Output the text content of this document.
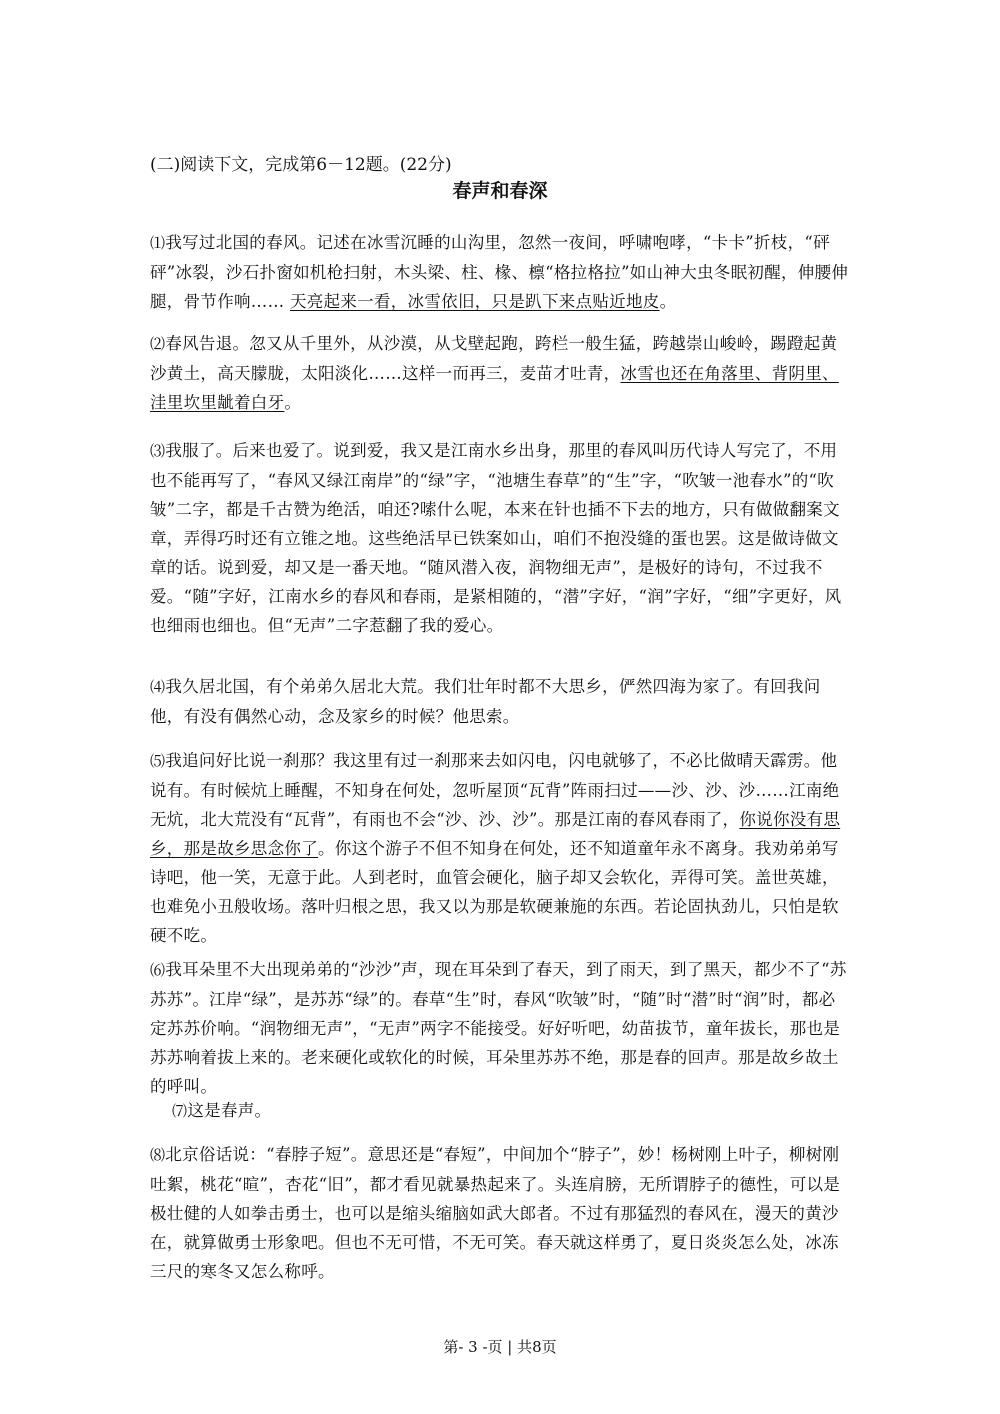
(二)阅读下文，完成第6－12题。(22分)
春声和春深

⑴我写过北国的春风。记述在冰雪沉睡的山沟里，忽然一夜间，呼啸咆哮，“卡卡”折枝，“砰砰”冰裂，沙石扑窗如机枪扫射，木头梁、柱、椽、檩“格拉格拉”如山神大虫冬眠初醒，伸腰伸腿，骨节作响…… 天亮起来一看，冰雪依旧，只是趴下来点贴近地皮。

⑵春风告退。忽又从千里外，从沙漠，从戈壁起跑，跨栏一般生猛，跨越崇山峻岭，踢蹬起黄沙黄土，高天朦胧，太阳淡化……这样一而再三，麦苗才吐青，冰雪也还在角落里、背阴里、洼里坎里龇着白牙。

⑶我服了。后来也爱了。说到爱，我又是江南水乡出身，那里的春风叫历代诗人写完了，不用也不能再写了，“春风又绿江南岸”的“绿”字，“池塘生春草”的“生”字，“吹皱一池春水”的“吹皱”二字，都是千古赞为绝活，咱还?嗦什么呢，本来在针也插不下去的地方，只有做做翻案文章，弄得巧时还有立锥之地。这些绝活早已铁案如山，咱们不抱没缝的蛋也罢。这是做诗做文章的话。说到爱，却又是一番天地。“随风潜入夜，润物细无声”，是极好的诗句，不过我不爱。“随”字好，江南水乡的春风和春雨，是紧相随的，“潜”字好，“润”字好，“细”字更好，风也细雨也细也。但“无声”二字惹翻了我的爱心。

⑷我久居北国，有个弟弟久居北大荒。我们壮年时都不大思乡，俨然四海为家了。有回我问他，有没有偶然心动，念及家乡的时候？他思索。

⑸我追问好比说一刹那？我这里有过一刹那来去如闪电，闪电就够了，不必比做晴天霹雳。他说有。有时候炕上睡醒，不知身在何处，忽听屋顶“瓦背”阵雨扫过——沙、沙、沙……江南绝无炕，北大荒没有“瓦背”，有雨也不会“沙、沙、沙”。那是江南的春风春雨了，你说你没有思乡，那是故乡思念你了。你这个游子不但不知身在何处，还不知道童年永不离身。我劝弟弟写诗吧，他一笑，无意于此。人到老时，血管会硬化，脑子却又会软化，弄得可笑。盖世英雄，也难免小丑般收场。落叶归根之思，我又以为那是软硬兼施的东西。若论固执劲儿，只怕是软硬不吃。

⑹我耳朵里不大出现弟弟的“沙沙”声，现在耳朵到了春天，到了雨天，到了黑天，都少不了“苏苏苏”。江岸“绿”，是苏苏“绿”的。春草“生”时，春风“吹皱”时，“随”时“潜”时“润”时，都必定苏苏价响。“润物细无声”，“无声”两字不能接受。好好听吧，幼苗拔节，童年拔长，那也是苏苏响着拔上来的。老来硬化或软化的时候，耳朵里苏苏不绝，那是春的回声。那是故乡故土的呼叫。

⑺这是春声。

⑻北京俗话说：“春脖子短”。意思还是“春短”，中间加个“脖子”，妙！杨树刚上叶子，柳树刚吐絮，桃花“暄”，杏花“旧”，都才看见就暴热起来了。头连肩膀，无所谓脖子的德性，可以是极壮健的人如拳击勇士，也可以是缩头缩脑如武大郎者。不过有那猛烈的春风在，漫天的黄沙在，就算做勇士形象吧。但也不无可惜，不无可笑。春天就这样勇了，夏日炎炎怎么处，冰冻三尺的寒冬又怎么称呼。

第- 3 -页 | 共8页
